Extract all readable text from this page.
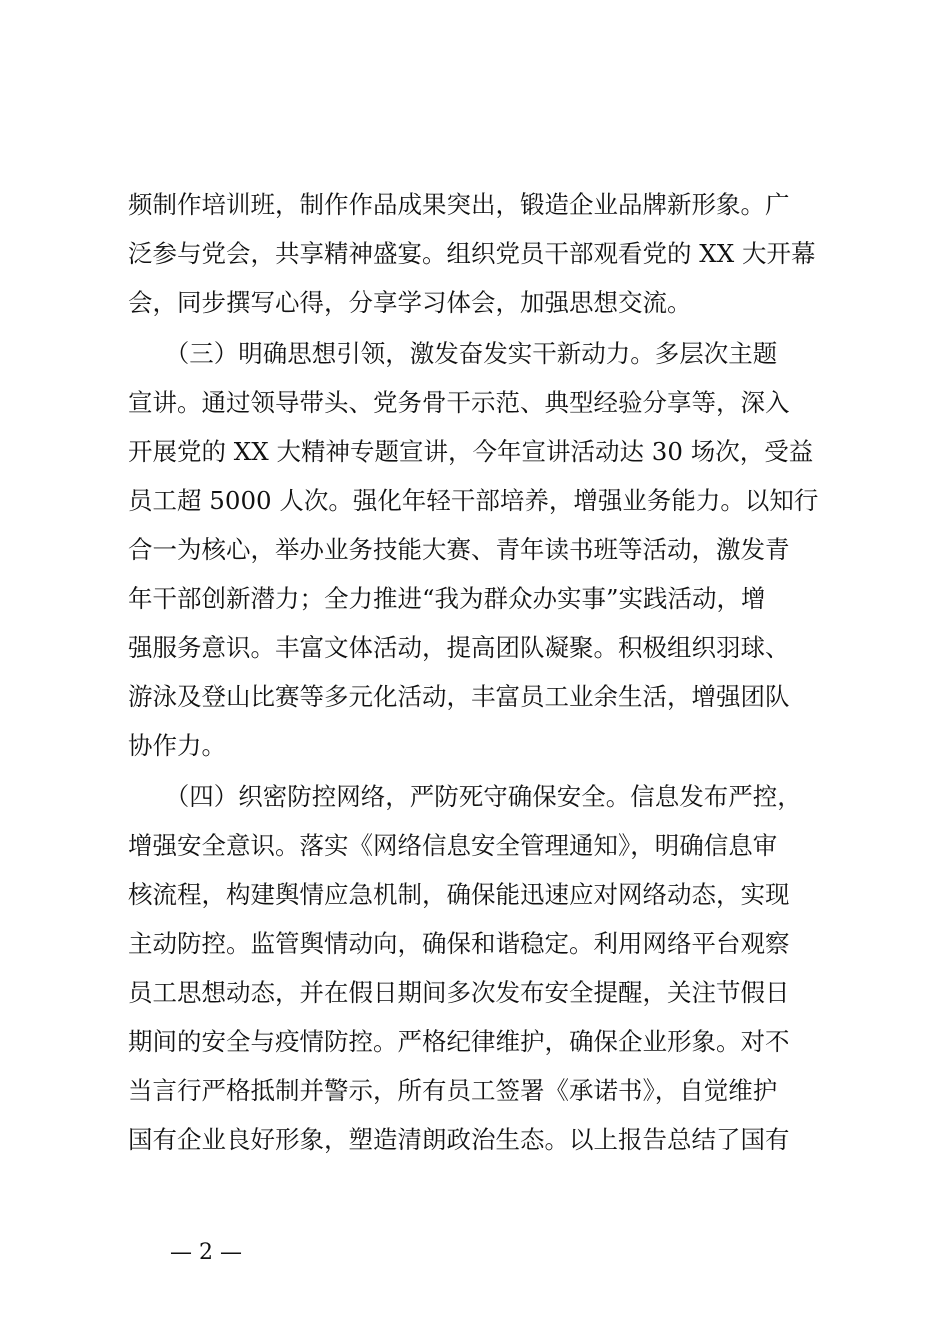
频制作培训班，制作作品成果突出，锻造企业品牌新形象。广
泛参与党会，共享精神盛宴。组织党员干部观看党的 XX 大开幕
会，同步撰写心得，分享学习体会，加强思想交流。
　　（三）明确思想引领，激发奋发实干新动力。多层次主题
宣讲。通过领导带头、党务骨干示范、典型经验分享等，深入
开展党的 XX 大精神专题宣讲，今年宣讲活动达 30 场次，受益
员工超 5000 人次。强化年轻干部培养，增强业务能力。以知行
合一为核心，举办业务技能大赛、青年读书班等活动，激发青
年干部创新潜力；全力推进“我为群众办实事”实践活动，增
强服务意识。丰富文体活动，提高团队凝聚。积极组织羽球、
游泳及登山比赛等多元化活动，丰富员工业余生活，增强团队
协作力。
　　（四）织密防控网络，严防死守确保安全。信息发布严控，
增强安全意识。落实《网络信息安全管理通知》，明确信息审
核流程，构建舆情应急机制，确保能迅速应对网络动态，实现
主动防控。监管舆情动向，确保和谐稳定。利用网络平台观察
员工思想动态，并在假日期间多次发布安全提醒，关注节假日
期间的安全与疫情防控。严格纪律维护，确保企业形象。对不
当言行严格抵制并警示，所有员工签署《承诺书》，自觉维护
国有企业良好形象，塑造清朗政治生态。以上报告总结了国有
— 2 —
